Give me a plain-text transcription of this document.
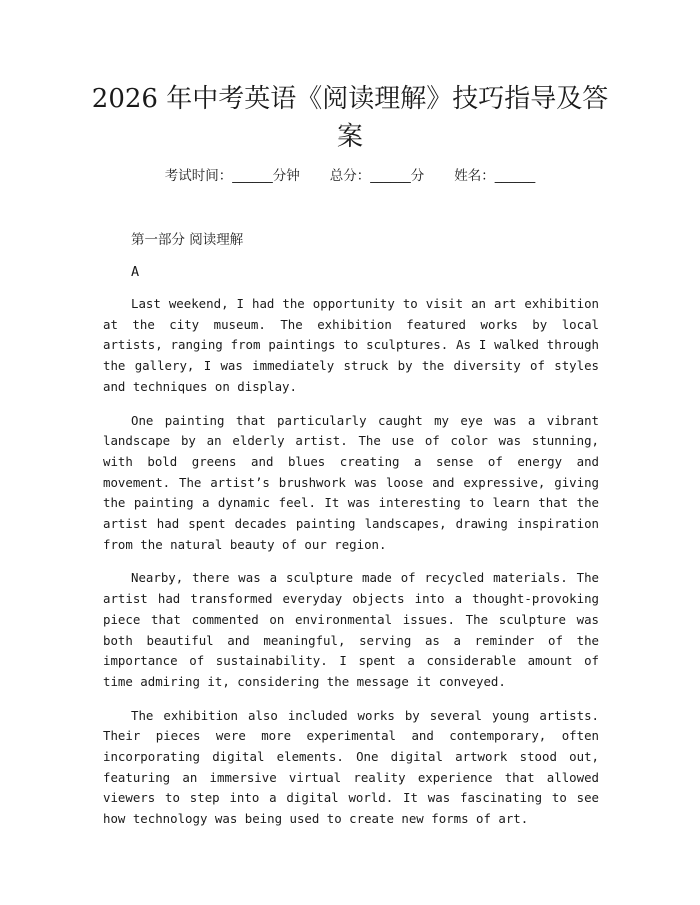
2026 年中考英语《阅读理解》技巧指导及答案
考试时间：______分钟 总分：______分 姓名：______

第一部分 阅读理解

A

Last weekend, I had the opportunity to visit an art exhibition at the city museum. The exhibition featured works by local artists, ranging from paintings to sculptures. As I walked through the gallery, I was immediately struck by the diversity of styles and techniques on display.

One painting that particularly caught my eye was a vibrant landscape by an elderly artist. The use of color was stunning, with bold greens and blues creating a sense of energy and movement. The artist’s brushwork was loose and expressive, giving the painting a dynamic feel. It was interesting to learn that the artist had spent decades painting landscapes, drawing inspiration from the natural beauty of our region.

Nearby, there was a sculpture made of recycled materials. The artist had transformed everyday objects into a thought-provoking piece that commented on environmental issues. The sculpture was both beautiful and meaningful, serving as a reminder of the importance of sustainability. I spent a considerable amount of time admiring it, considering the message it conveyed.

The exhibition also included works by several young artists. Their pieces were more experimental and contemporary, often incorporating digital elements. One digital artwork stood out, featuring an immersive virtual reality experience that allowed viewers to step into a digital world. It was fascinating to see how technology was being used to create new forms of art.
